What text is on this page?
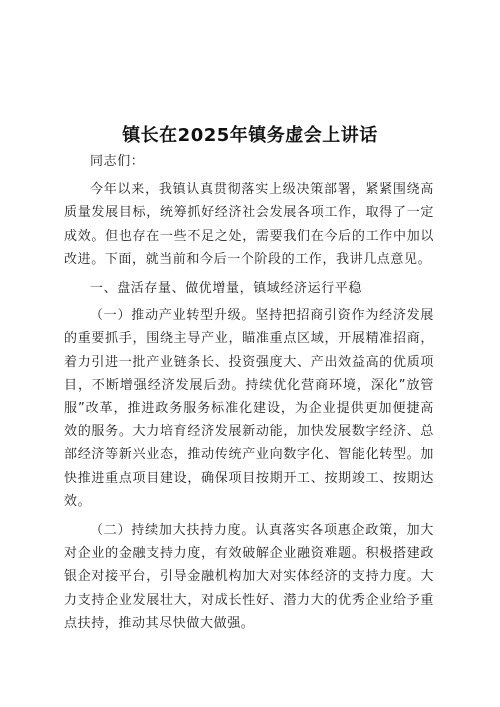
镇长在2025年镇务虚会上讲话

同志们：

今年以来，我镇认真贯彻落实上级决策部署，紧紧围绕高质量发展目标，统筹抓好经济社会发展各项工作，取得了一定成效。但也存在一些不足之处，需要我们在今后的工作中加以改进。下面，就当前和今后一个阶段的工作，我讲几点意见。

一、盘活存量、做优增量，镇域经济运行平稳

（一）推动产业转型升级。坚持把招商引资作为经济发展的重要抓手，围绕主导产业，瞄准重点区域，开展精准招商，着力引进一批产业链条长、投资强度大、产出效益高的优质项目，不断增强经济发展后劲。持续优化营商环境，深化”放管服”改革，推进政务服务标准化建设，为企业提供更加便捷高效的服务。大力培育经济发展新动能，加快发展数字经济、总部经济等新兴业态，推动传统产业向数字化、智能化转型。加快推进重点项目建设，确保项目按期开工、按期竣工、按期达效。

（二）持续加大扶持力度。认真落实各项惠企政策，加大对企业的金融支持力度，有效破解企业融资难题。积极搭建政银企对接平台，引导金融机构加大对实体经济的支持力度。大力支持企业发展壮大，对成长性好、潜力大的优秀企业给予重点扶持，推动其尽快做大做强。
